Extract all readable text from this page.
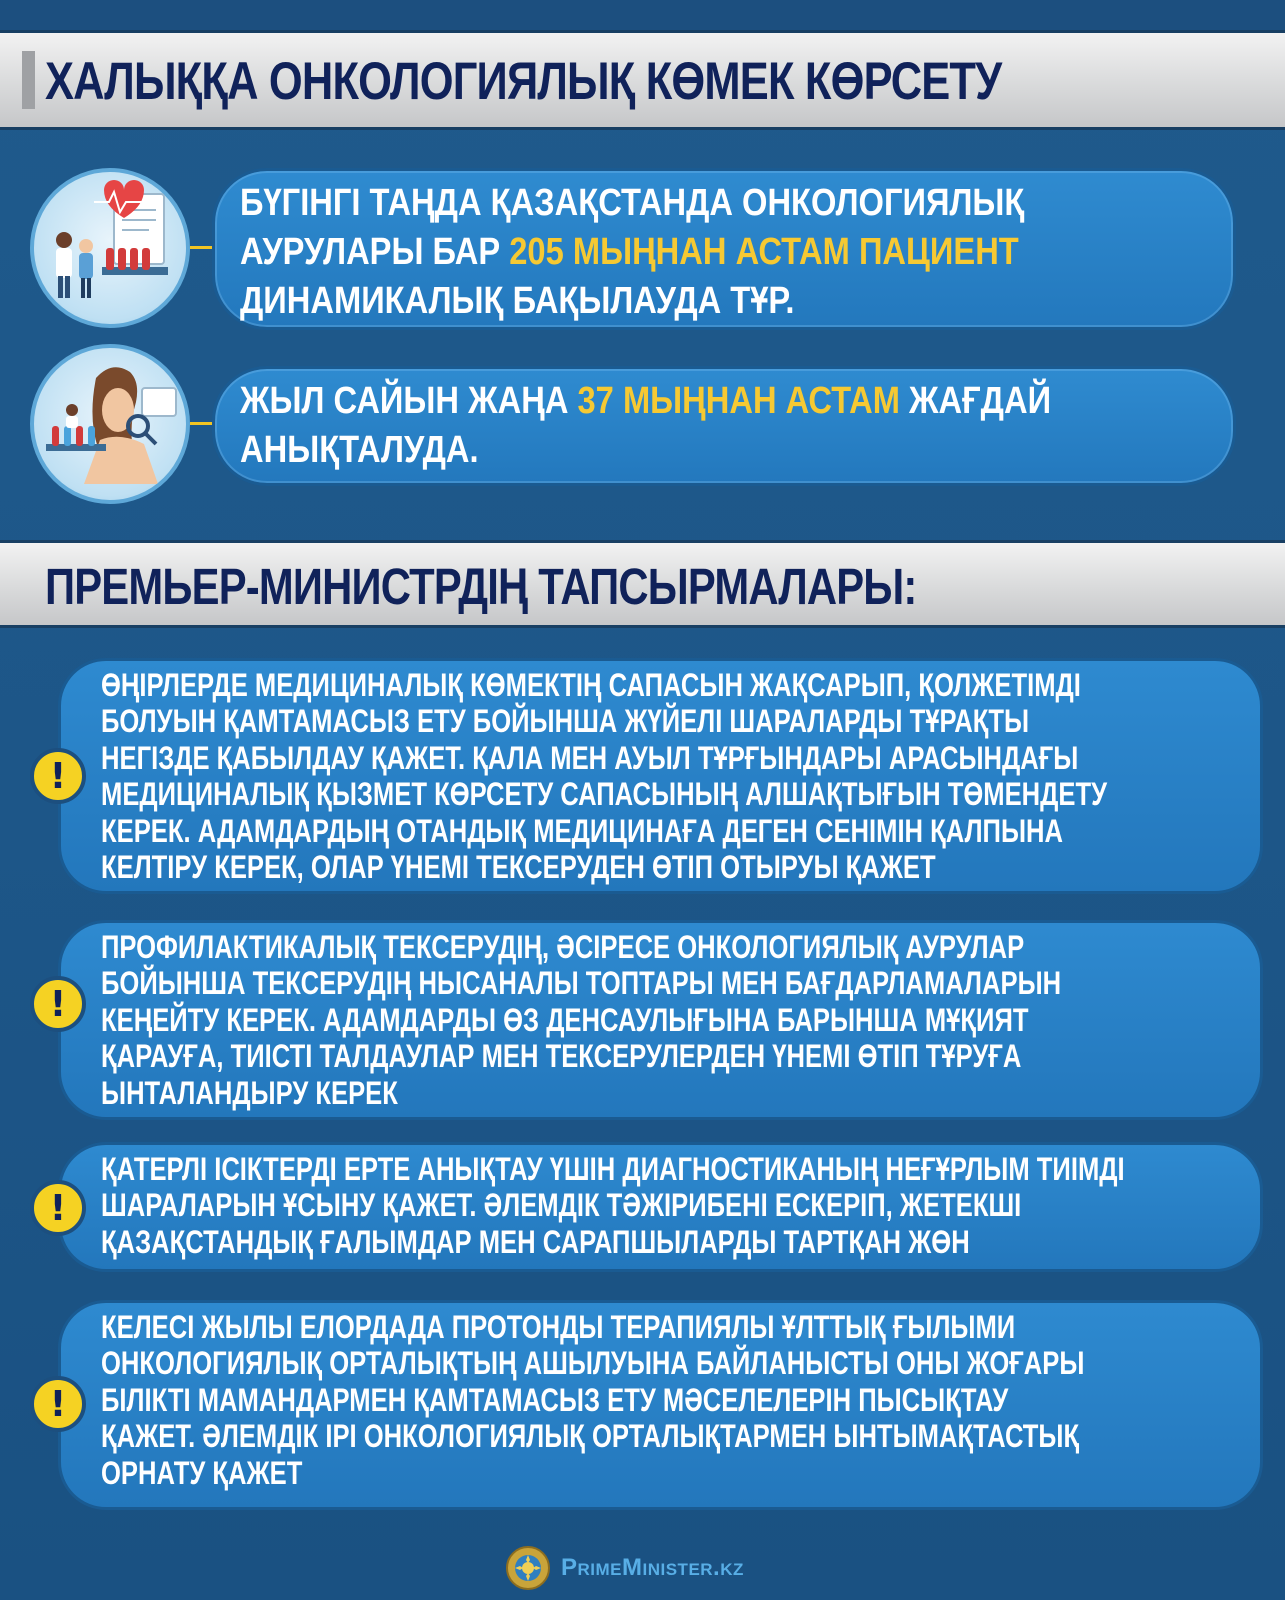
ХАЛЫҚҚА ОНКОЛОГИЯЛЫҚ КӨМЕК КӨРСЕТУ
БҮГІНГІ ТАҢДА ҚАЗАҚСТАНДА ОНКОЛОГИЯЛЫҚ
АУРУЛАРЫ БАР 205 МЫҢНАН АСТАМ ПАЦИЕНТ
ДИНАМИКАЛЫҚ БАҚЫЛАУДА ТҰР.
ЖЫЛ САЙЫН ЖАҢА 37 МЫҢНАН АСТАМ ЖАҒДАЙ
АНЫҚТАЛУДА.
ПРЕМЬЕР-МИНИСТРДІҢ ТАПСЫРМАЛАРЫ:
ӨҢІРЛЕРДЕ МЕДИЦИНАЛЫҚ КӨМЕКТІҢ САПАСЫН ЖАҚСАРЫП, ҚОЛЖЕТІМДІ
БОЛУЫН ҚАМТАМАСЫЗ ЕТУ БОЙЫНША ЖҮЙЕЛІ ШАРАЛАРДЫ ТҰРАҚТЫ
НЕГІЗДЕ ҚАБЫЛДАУ ҚАЖЕТ. ҚАЛА МЕН АУЫЛ ТҰРҒЫНДАРЫ АРАСЫНДАҒЫ
МЕДИЦИНАЛЫҚ ҚЫЗМЕТ КӨРСЕТУ САПАСЫНЫҢ АЛШАҚТЫҒЫН ТӨМЕНДЕТУ
КЕРЕК. АДАМДАРДЫҢ ОТАНДЫҚ МЕДИЦИНАҒА ДЕГЕН СЕНІМІН ҚАЛПЫНА
КЕЛТІРУ КЕРЕК, ОЛАР ҮНЕМІ ТЕКСЕРУДЕН ӨТІП ОТЫРУЫ ҚАЖЕТ
!
ПРОФИЛАКТИКАЛЫҚ ТЕКСЕРУДІҢ, ӘСІРЕСЕ ОНКОЛОГИЯЛЫҚ АУРУЛАР
БОЙЫНША ТЕКСЕРУДІҢ НЫСАНАЛЫ ТОПТАРЫ МЕН БАҒДАРЛАМАЛАРЫН
КЕҢЕЙТУ КЕРЕК. АДАМДАРДЫ ӨЗ ДЕНСАУЛЫҒЫНА БАРЫНША МҰҚИЯТ
ҚАРАУҒА, ТИІСТІ ТАЛДАУЛАР МЕН ТЕКСЕРУЛЕРДЕН ҮНЕМІ ӨТІП ТҰРУҒА
ЫНТАЛАНДЫРУ КЕРЕК
!
ҚАТЕРЛІ ІСІКТЕРДІ ЕРТЕ АНЫҚТАУ ҮШІН ДИАГНОСТИКАНЫҢ НЕҒҰРЛЫМ ТИІМДІ
ШАРАЛАРЫН ҰСЫНУ ҚАЖЕТ. ӘЛЕМДІК ТӘЖІРИБЕНІ ЕСКЕРІП, ЖЕТЕКШІ
ҚАЗАҚСТАНДЫҚ ҒАЛЫМДАР МЕН САРАПШЫЛАРДЫ ТАРТҚАН ЖӨН
!
КЕЛЕСІ ЖЫЛЫ ЕЛОРДАДА ПРОТОНДЫ ТЕРАПИЯЛЫ ҰЛТТЫҚ ҒЫЛЫМИ
ОНКОЛОГИЯЛЫҚ ОРТАЛЫҚТЫҢ АШЫЛУЫНА БАЙЛАНЫСТЫ ОНЫ ЖОҒАРЫ
БІЛІКТІ МАМАНДАРМЕН ҚАМТАМАСЫЗ ЕТУ МӘСЕЛЕЛЕРІН ПЫСЫҚТАУ
ҚАЖЕТ. ӘЛЕМДІК ІРІ ОНКОЛОГИЯЛЫҚ ОРТАЛЫҚТАРМЕН ЫНТЫМАҚТАСТЫҚ
ОРНАТУ ҚАЖЕТ
!
PrimeMinister.kz
